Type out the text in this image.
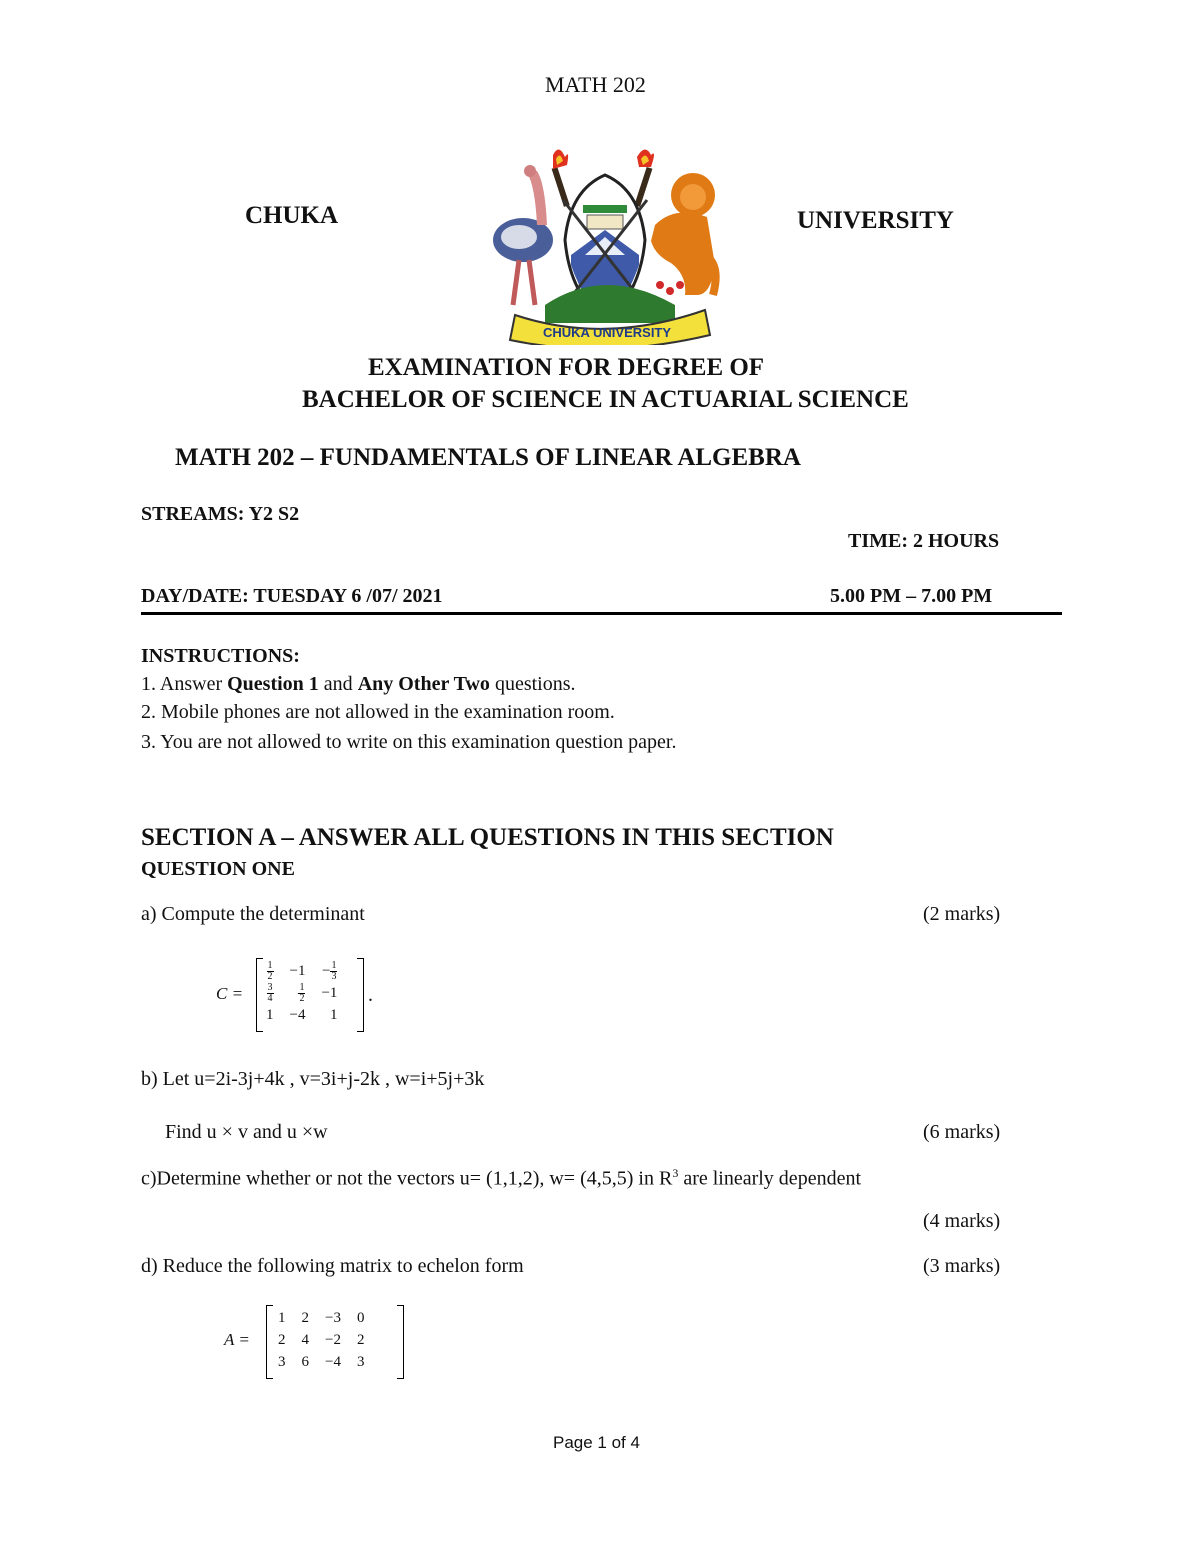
MATH 202
CHUKA	UNIVERSITY
CHUKA UNIVERSITY
EXAMINATION FOR DEGREE OF
BACHELOR OF SCIENCE IN ACTUARIAL SCIENCE
MATH 202 – FUNDAMENTALS OF LINEAR ALGEBRA
STREAMS: Y2 S2
TIME: 2 HOURS
DAY/DATE: TUESDAY 6 /07/ 2021	5.00 PM – 7.00 PM
INSTRUCTIONS:
1. Answer Question 1 and Any Other Two questions.
2. Mobile phones are not allowed in the examination room.
3. You are not allowed to write on this examination question paper.
SECTION A – ANSWER ALL QUESTIONS IN THIS SECTION
QUESTION ONE
a) Compute the determinant	(2 marks)
C =
$\frac{1}{2}$	−1	− $\frac{1}{3}$

$\frac{3}{4}$	$\frac{1}{2}$	−1
1	−4	1
.
b) Let u=2i-3j+4k , v=3i+j-2k , w=i+5j+3k
Find u × v and u ×w	(6 marks)
c)Determine whether or not the vectors u= (1,1,2), w= (4,5,5) in $R^3$ are linearly dependent
(4 marks)
d) Reduce the following matrix to echelon form	(3 marks)
A =
1	2	−3	0
2	4	−2	2
3	6	−4	3
Page 1 of 4
